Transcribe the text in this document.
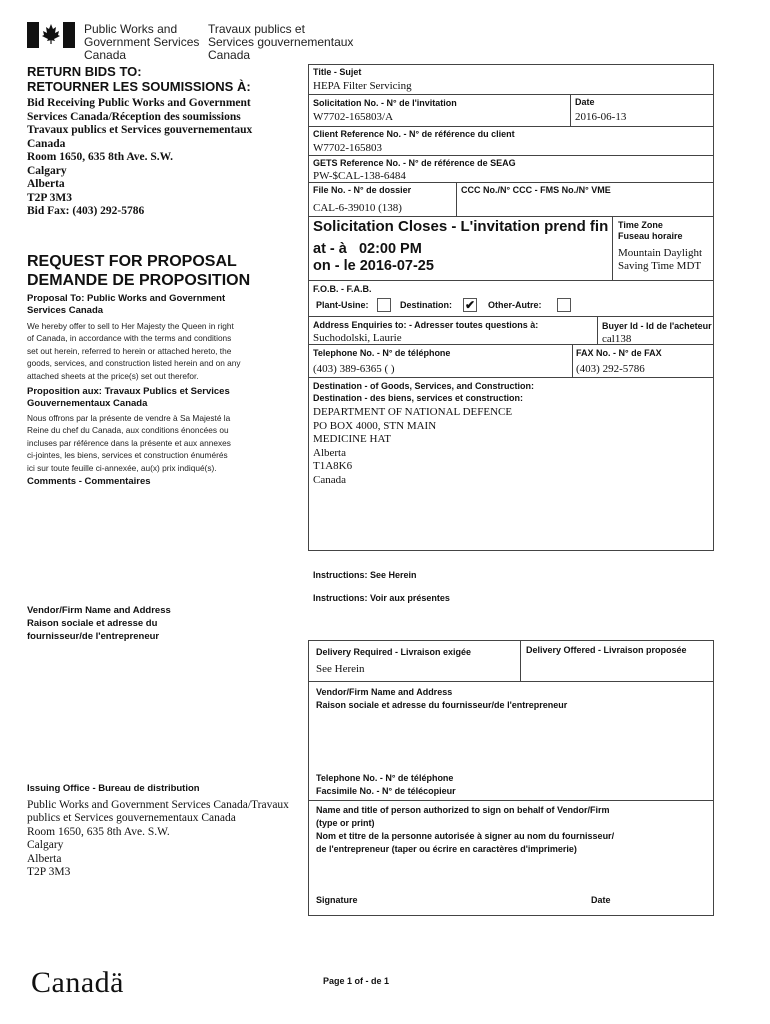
Public Works and
Government Services
Canada
Travaux publics et
Services gouvernementaux
Canada
RETURN BIDS TO:
RETOURNER LES SOUMISSIONS À:
Bid Receiving Public Works and Government
Services Canada/Réception des soumissions
Travaux publics et Services gouvernementaux
Canada
Room 1650, 635 8th Ave. S.W.
Calgary
Alberta
T2P 3M3
Bid Fax: (403) 292-5786
REQUEST FOR PROPOSAL
DEMANDE DE PROPOSITION
Proposal To: Public Works and Government
Services Canada
We hereby offer to sell to Her Majesty the Queen in right
of Canada, in accordance with the terms and conditions
set out herein, referred to herein or attached hereto, the
goods, services, and construction listed herein and on any
attached sheets at the price(s) set out therefor.
Proposition aux: Travaux Publics et Services
Gouvernementaux Canada
Nous offrons par la présente de vendre à Sa Majesté la
Reine du chef du Canada, aux conditions énoncées ou
incluses par référence dans la présente et aux annexes
ci-jointes, les biens, services et construction énumérés
ici sur toute feuille ci-annexée, au(x) prix indiqué(s).
Comments - Commentaires
Vendor/Firm Name and Address
Raison sociale et adresse du
fournisseur/de l'entrepreneur
Issuing Office - Bureau de distribution
Public Works and Government Services Canada/Travaux
publics et Services gouvernementaux Canada
Room 1650, 635 8th Ave. S.W.
Calgary
Alberta
T2P 3M3
Title - Sujet
HEPA Filter Servicing
Solicitation No. - N° de l'invitation
W7702-165803/A
Date
2016-06-13
Client Reference No. - N° de référence du client
W7702-165803
GETS Reference No. - N° de référence de SEAG
PW-$CAL-138-6484
File No. - N° de dossier
CAL-6-39010 (138)
CCC No./N° CCC - FMS No./N° VME
Solicitation Closes - L'invitation prend fin
at - à 02:00 PM
on - le 2016-07-25
Time Zone
Fuseau horaire
Mountain Daylight
Saving Time MDT
F.O.B. - F.A.B.
Plant-Usine:	Destination: ✔ Other-Autre:
Address Enquiries to: - Adresser toutes questions à:
Suchodolski, Laurie
Buyer Id - Id de l'acheteur
cal138
Telephone No. - N° de téléphone
(403) 389-6365 ( )
FAX No. - N° de FAX
(403) 292-5786
Destination - of Goods, Services, and Construction:
Destination - des biens, services et construction:
DEPARTMENT OF NATIONAL DEFENCE
PO BOX 4000, STN MAIN
MEDICINE HAT
Alberta
T1A8K6
Canada
Instructions: See Herein
Instructions: Voir aux présentes
Delivery Required - Livraison exigée
See Herein
Delivery Offered - Livraison proposée
Vendor/Firm Name and Address
Raison sociale et adresse du fournisseur/de l'entrepreneur
Telephone No. - N° de téléphone
Facsimile No. - N° de télécopieur
Name and title of person authorized to sign on behalf of Vendor/Firm
(type or print)
Nom et titre de la personne autorisée à signer au nom du fournisseur/
de l'entrepreneur (taper ou écrire en caractères d'imprimerie)
Signature	Date
Canadä	Page 1 of - de 1
